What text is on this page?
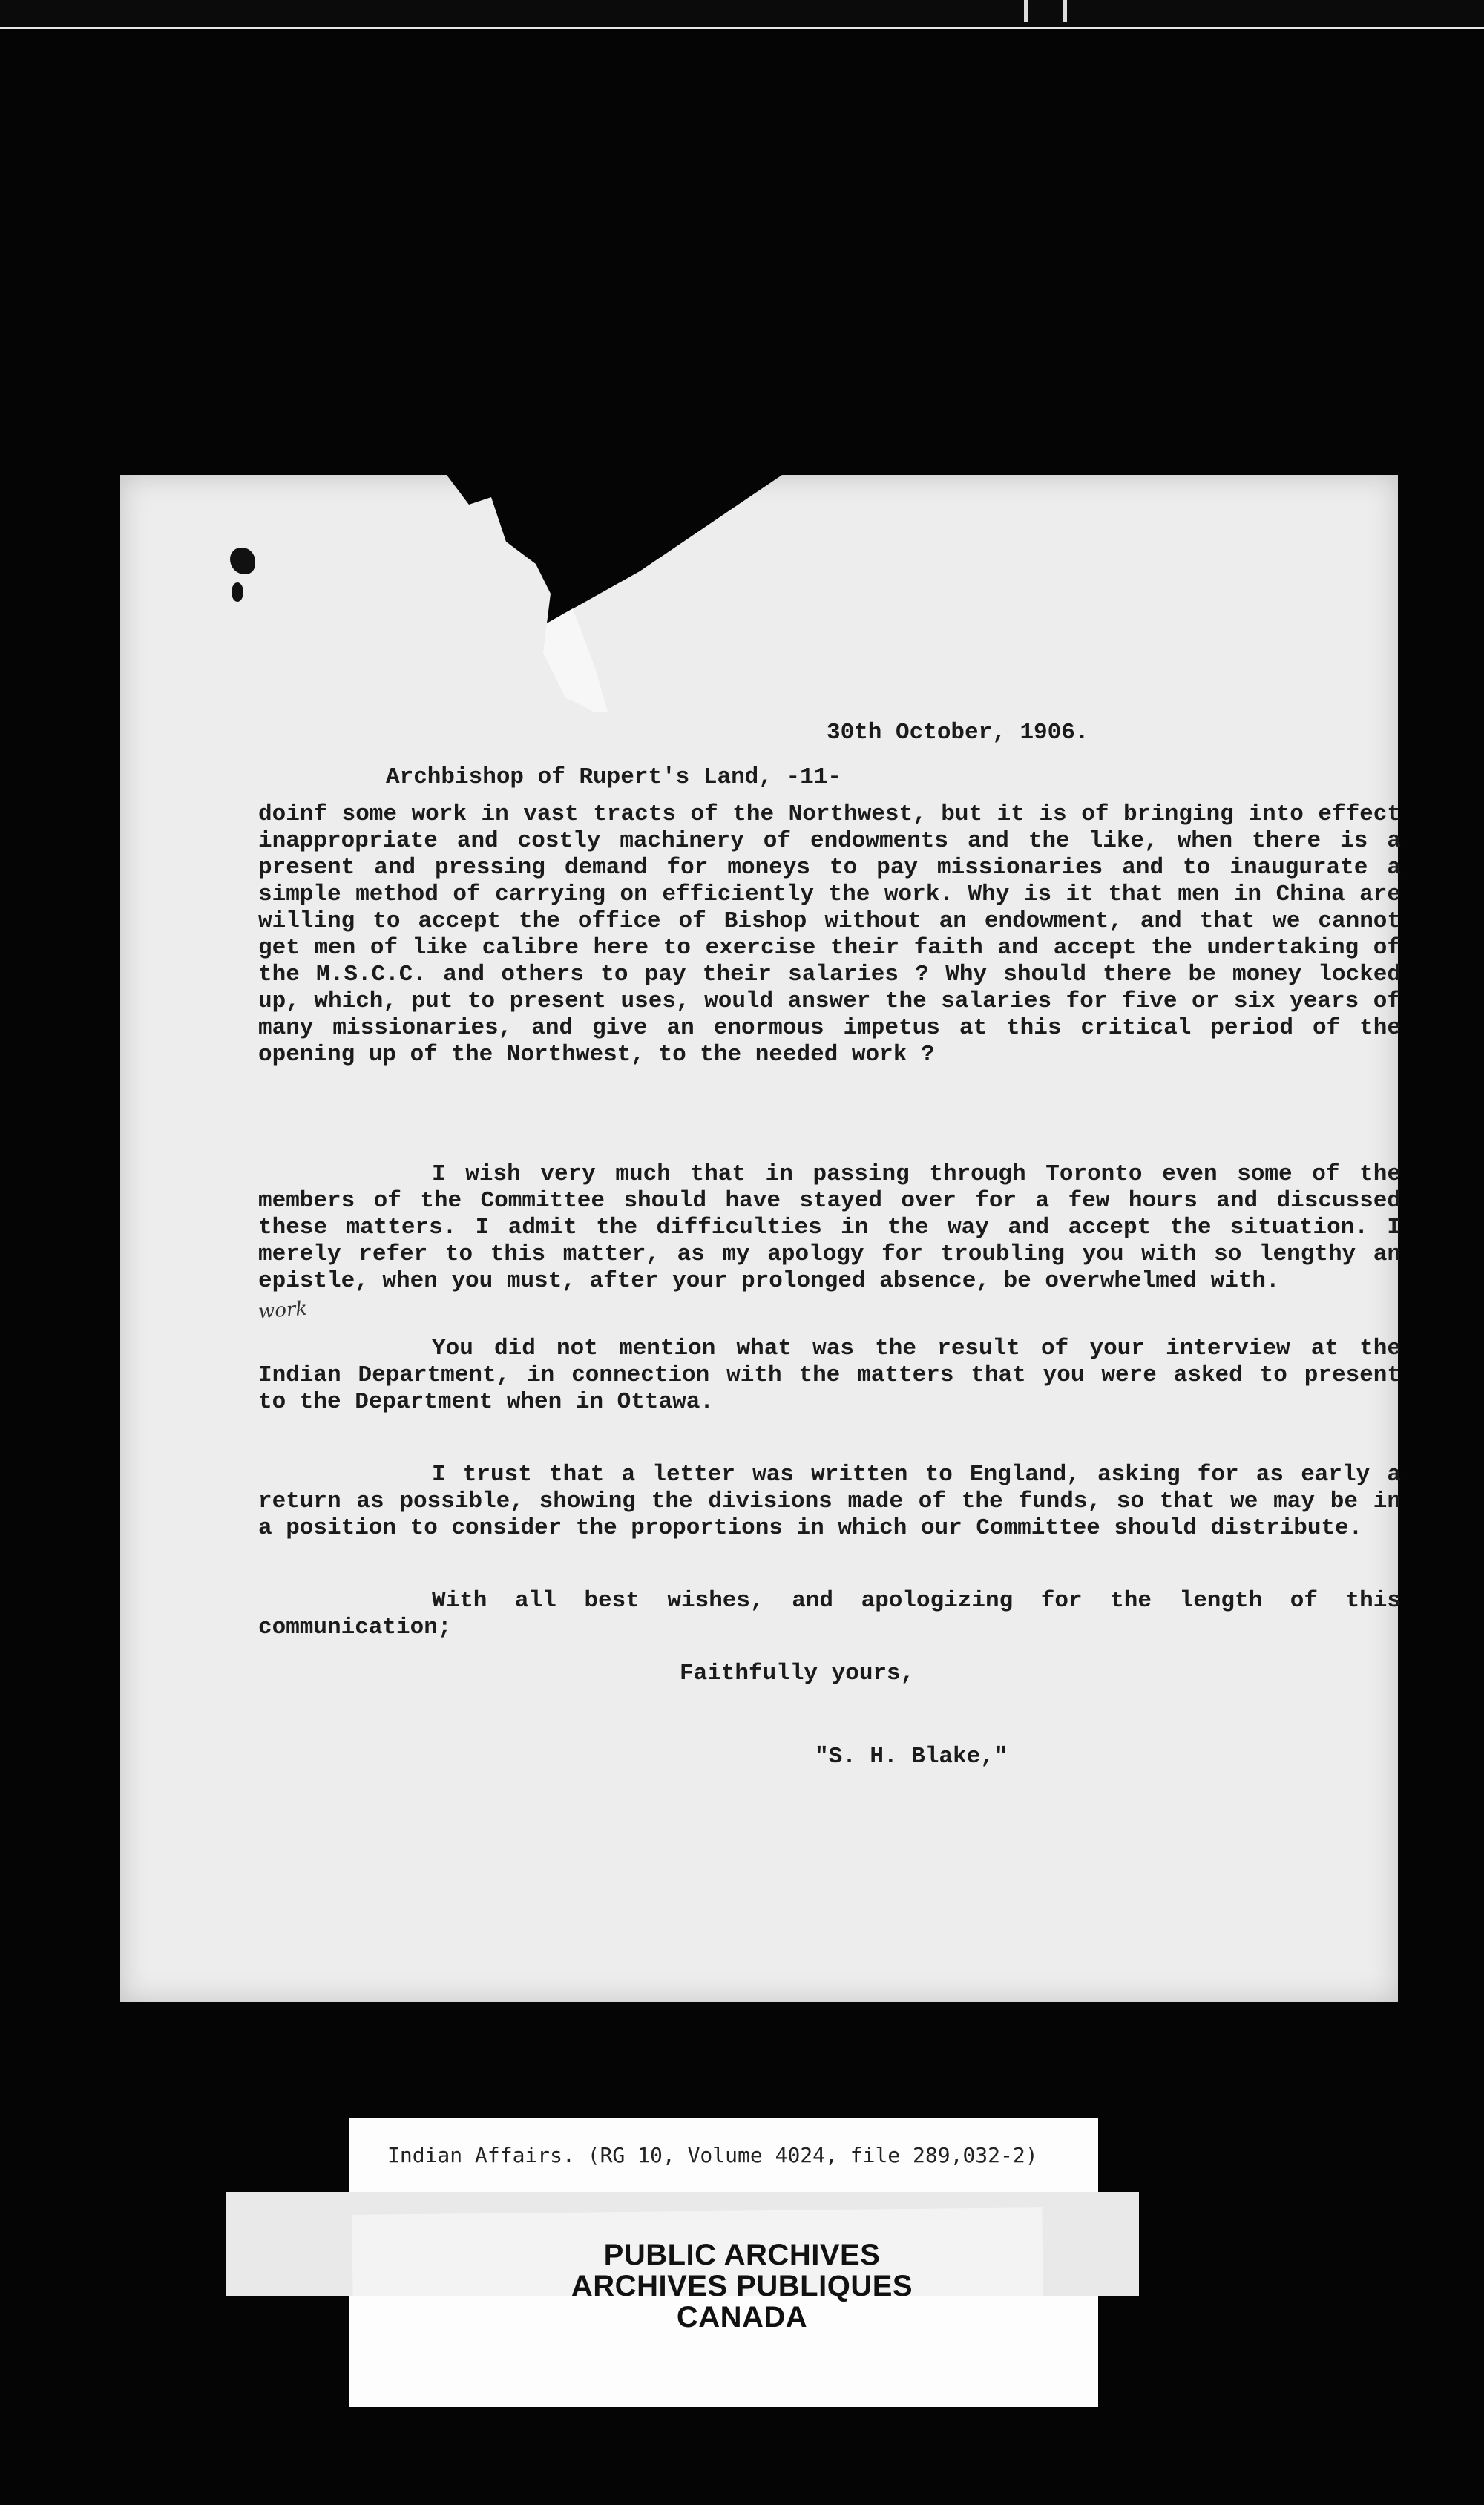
30th October, 1906.
Archbishop of Rupert's Land, -11-

doinf some work in vast tracts of the Northwest, but it is of bringing into effect inappropriate and costly machinery of endowments and the like, when there is a present and pressing demand for moneys to pay missionaries and to inaugurate a simple method of carrying on efficiently the work. Why is it that men in China are willing to accept the office of Bishop without an endowment, and that we cannot get men of like calibre here to exercise their faith and accept the undertaking of the M.S.C.C. and others to pay their salaries ? Why should there be money locked up, which, put to present uses, would answer the salaries for five or six years of many missionaries, and give an enormous impetus at this critical period of the opening up of the Northwest, to the needed work ?

I wish very much that in passing through Toronto even some of the members of the Committee should have stayed over for a few hours and discussed these matters. I admit the difficulties in the way and accept the situation. I merely refer to this matter, as my apology for troubling you with so lengthy an epistle, when you must, after your prolonged absence, be overwhelmed with.

work

You did not mention what was the result of your interview at the Indian Department, in connection with the matters that you were asked to present to the Department when in Ottawa.

I trust that a letter was written to England, asking for as early a return as possible, showing the divisions made of the funds, so that we may be in a position to consider the proportions in which our Committee should distribute.

With all best wishes, and apologizing for the length of this communication;

Faithfully yours,
"S. H. Blake,"
Indian Affairs. (RG 10, Volume 4024, file 289,032-2)
PUBLIC ARCHIVES
ARCHIVES PUBLIQUES
CANADA
